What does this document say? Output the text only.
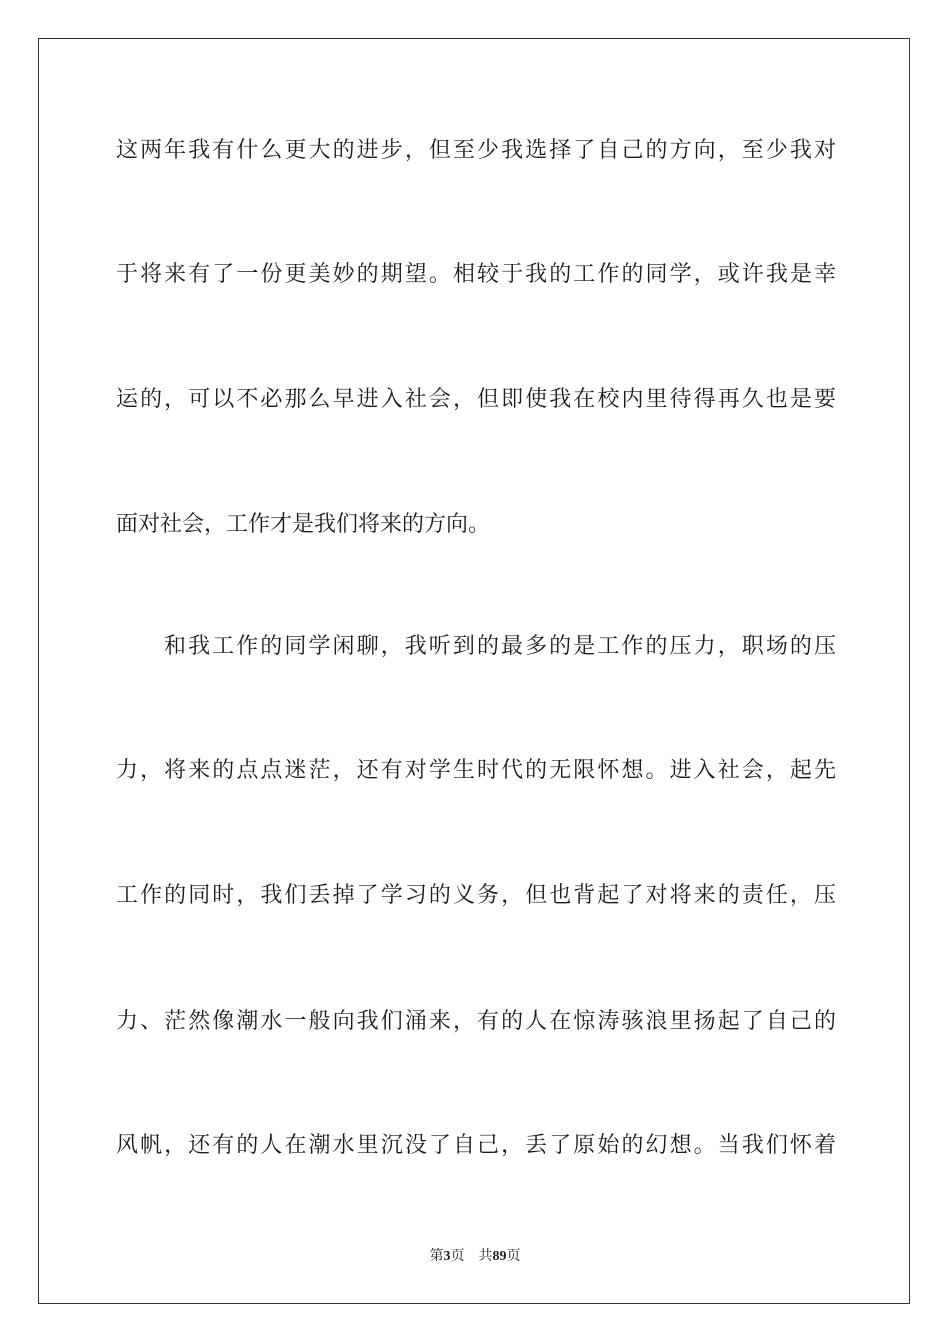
这两年我有什么更大的进步，但至少我选择了自己的方向，至少我对
于将来有了一份更美妙的期望。相较于我的工作的同学，或许我是幸
运的，可以不必那么早进入社会，但即使我在校内里待得再久也是要
面对社会，工作才是我们将来的方向。
和我工作的同学闲聊，我听到的最多的是工作的压力，职场的压
力，将来的点点迷茫，还有对学生时代的无限怀想。进入社会，起先
工作的同时，我们丢掉了学习的义务，但也背起了对将来的责任，压
力、茫然像潮水一般向我们涌来，有的人在惊涛骇浪里扬起了自己的
风帆，还有的人在潮水里沉没了自己，丢了原始的幻想。当我们怀着
第3页 共89页
